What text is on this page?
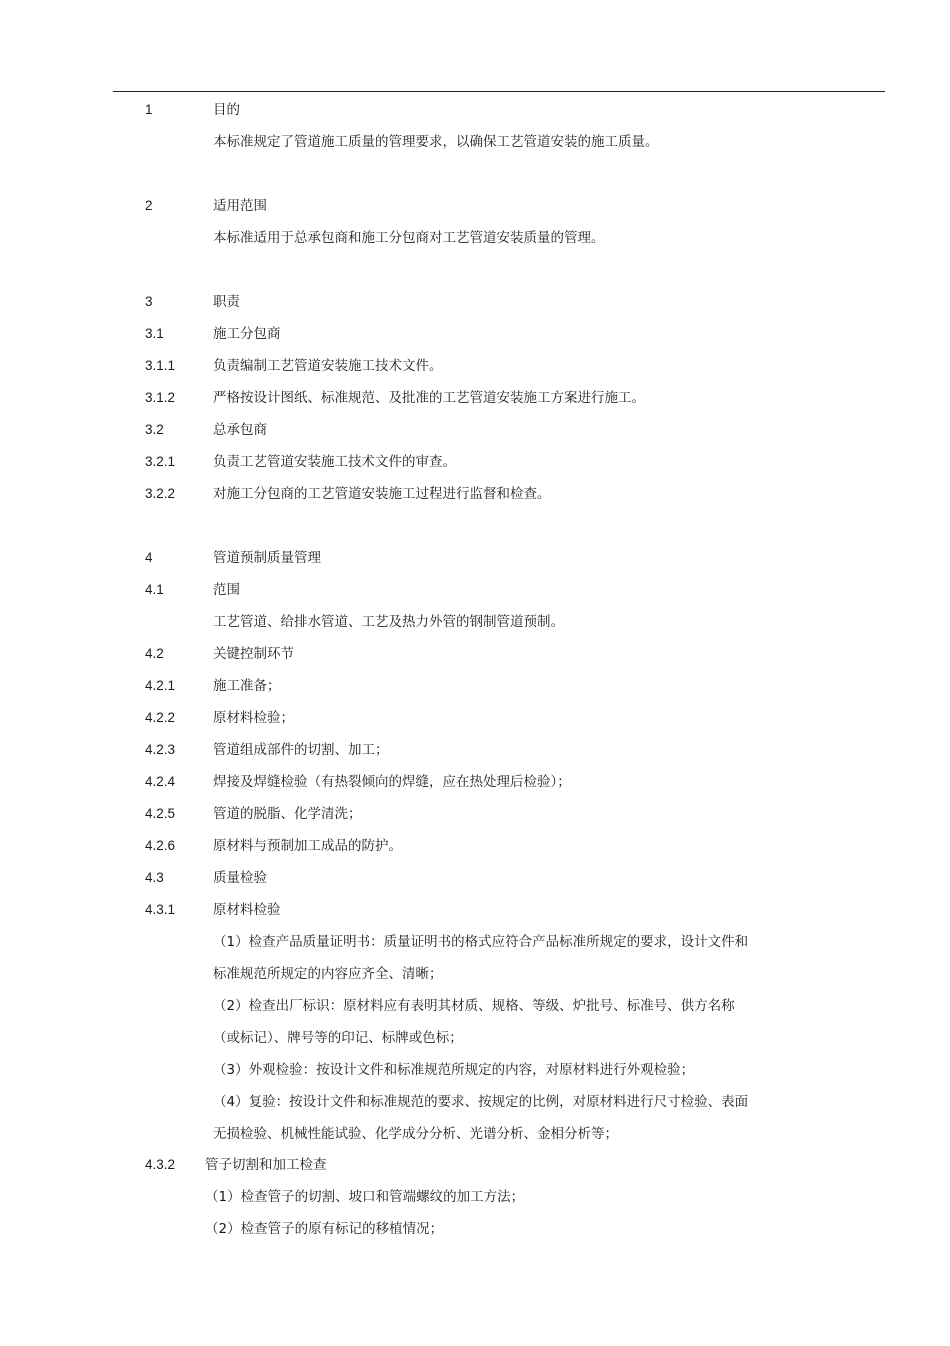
1	目的
本标准规定了管道施工质量的管理要求，以确保工艺管道安装的施工质量。
2	适用范围
本标准适用于总承包商和施工分包商对工艺管道安装质量的管理。
3	职责
3.1	施工分包商
3.1.1	负责编制工艺管道安装施工技术文件。
3.1.2	严格按设计图纸、标准规范、及批准的工艺管道安装施工方案进行施工。
3.2	总承包商
3.2.1	负责工艺管道安装施工技术文件的审查。
3.2.2	对施工分包商的工艺管道安装施工过程进行监督和检查。
4	管道预制质量管理
4.1	范围
工艺管道、给排水管道、工艺及热力外管的钢制管道预制。
4.2	关键控制环节
4.2.1	施工准备；
4.2.2	原材料检验；
4.2.3	管道组成部件的切割、加工；
4.2.4	焊接及焊缝检验（有热裂倾向的焊缝，应在热处理后检验）；
4.2.5	管道的脱脂、化学清洗；
4.2.6	原材料与预制加工成品的防护。
4.3	质量检验
4.3.1	原材料检验
（1）检查产品质量证明书：质量证明书的格式应符合产品标准所规定的要求，设计文件和
标准规范所规定的内容应齐全、清晰；
（2）检查出厂标识：原材料应有表明其材质、规格、等级、炉批号、标准号、供方名称
（或标记）、牌号等的印记、标牌或色标；
（3）外观检验：按设计文件和标准规范所规定的内容，对原材料进行外观检验；
（4）复验：按设计文件和标准规范的要求、按规定的比例，对原材料进行尺寸检验、表面
无损检验、机械性能试验、化学成分分析、光谱分析、金相分析等；
4.3.2 管子切割和加工检查
（1）检查管子的切割、坡口和管端螺纹的加工方法；
（2）检查管子的原有标记的移植情况；
